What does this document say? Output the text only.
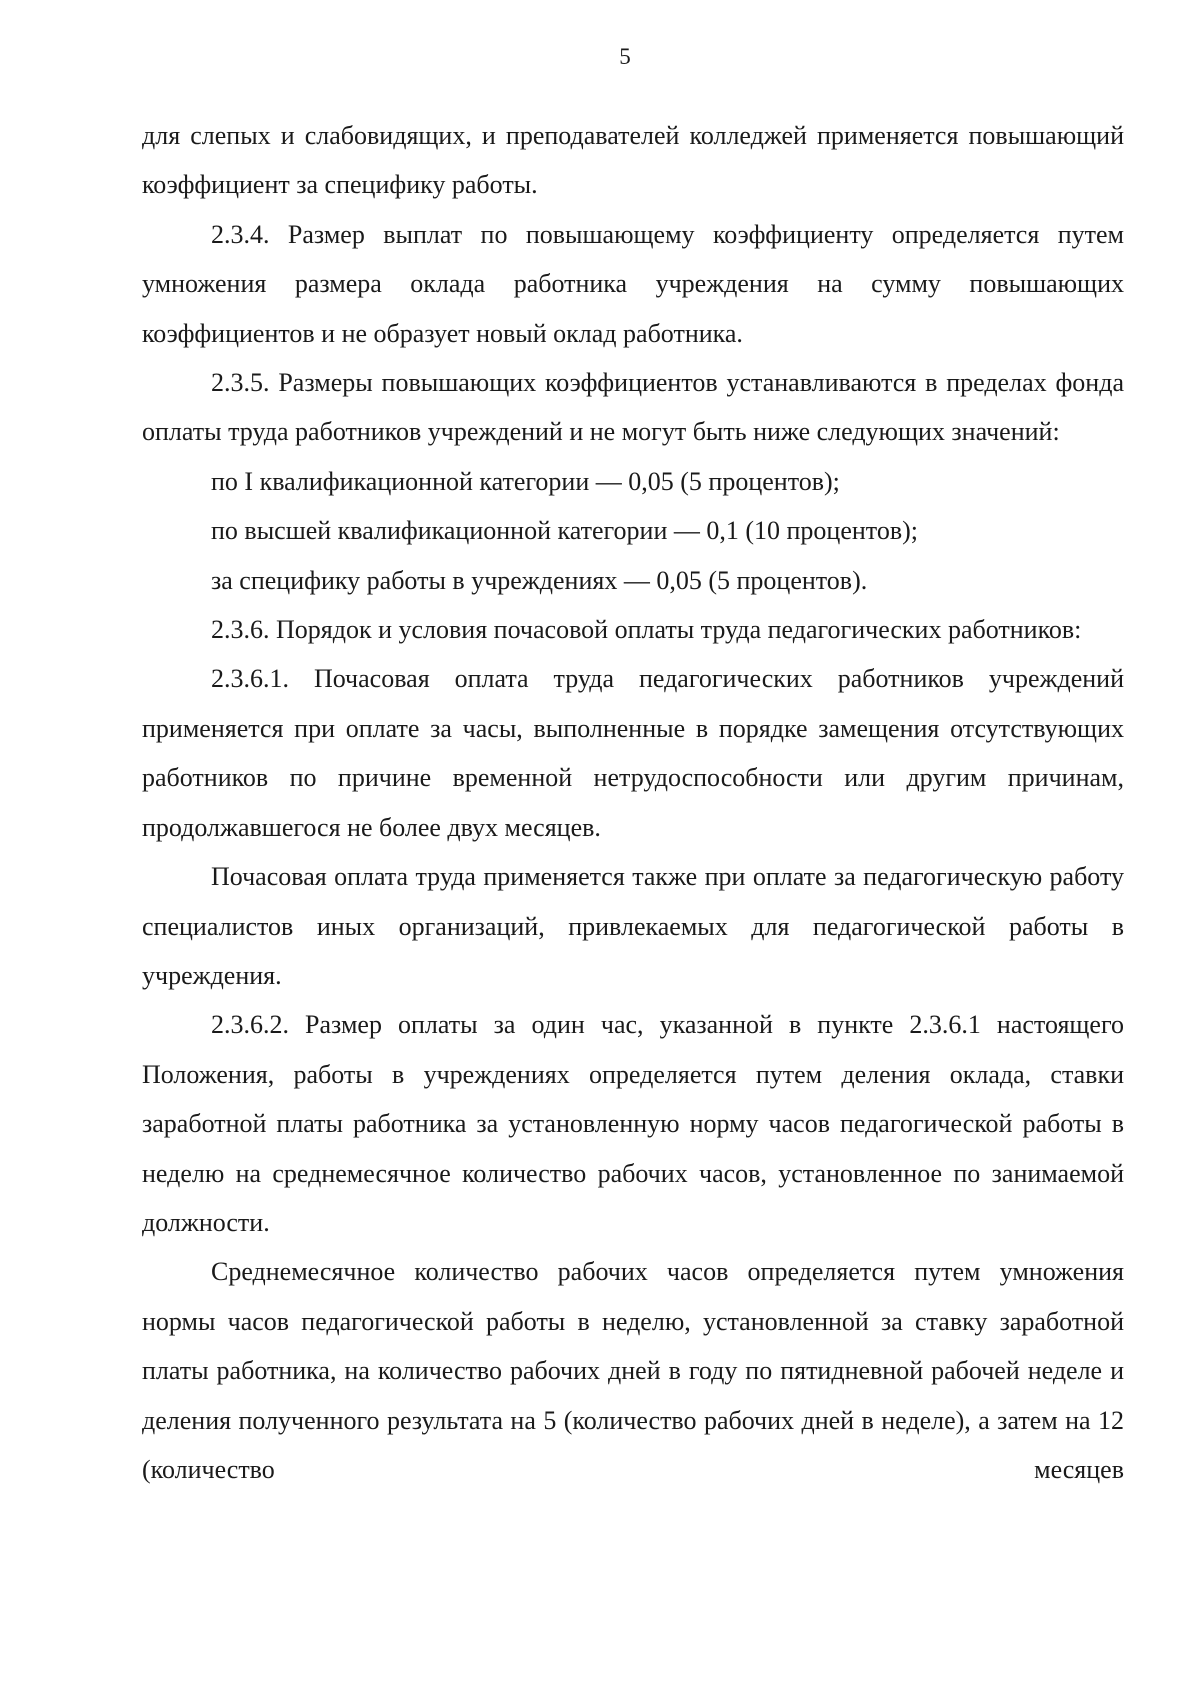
5

для слепых и слабовидящих, и преподавателей колледжей применяется повышающий коэффициент за специфику работы.

2.3.4. Размер выплат по повышающему коэффициенту определяется путем умножения размера оклада работника учреждения на сумму повышающих коэффициентов и не образует новый оклад работника.

2.3.5. Размеры повышающих коэффициентов устанавливаются в пределах фонда оплаты труда работников учреждений и не могут быть ниже следующих значений:

по I квалификационной категории — 0,05 (5 процентов);

по высшей квалификационной категории — 0,1 (10 процентов);

за специфику работы в учреждениях — 0,05 (5 процентов).

2.3.6. Порядок и условия почасовой оплаты труда педагогических работников:

2.3.6.1. Почасовая оплата труда педагогических работников учреждений применяется при оплате за часы, выполненные в порядке замещения отсутствующих работников по причине временной нетрудоспособности или другим причинам, продолжавшегося не более двух месяцев.

Почасовая оплата труда применяется также при оплате за педагогическую работу специалистов иных организаций, привлекаемых для педагогической работы в учреждения.

2.3.6.2. Размер оплаты за один час, указанной в пункте 2.3.6.1 настоящего Положения, работы в учреждениях определяется путем деления оклада, ставки заработной платы работника за установленную норму часов педагогической работы в неделю на среднемесячное количество рабочих часов, установленное по занимаемой должности.

Среднемесячное количество рабочих часов определяется путем умножения нормы часов педагогической работы в неделю, установленной за ставку заработной платы работника, на количество рабочих дней в году по пятидневной рабочей неделе и деления полученного результата на 5 (количество рабочих дней в неделе), а затем на 12 (количество месяцев
